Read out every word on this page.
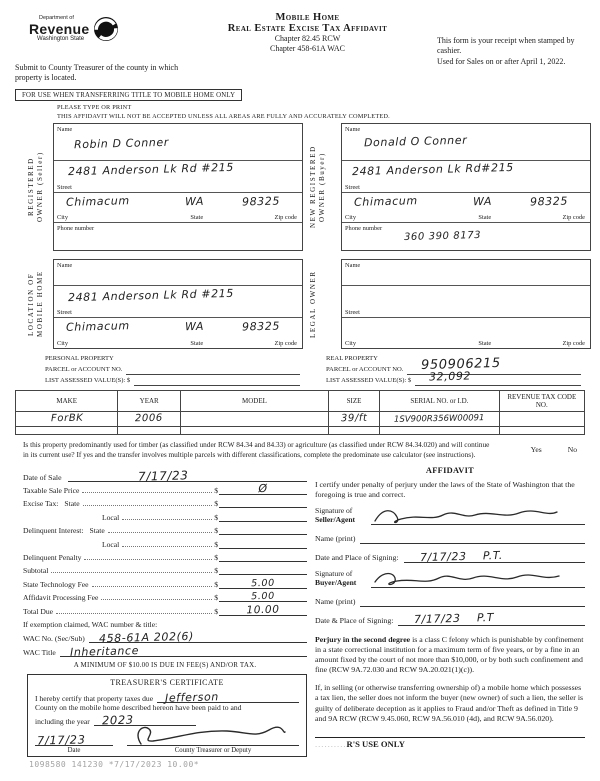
Department of
Revenue
Washington State
Submit to County Treasurer of the county in which property is located.
Mobile Home
Real Estate Excise Tax Affidavit
Chapter 82.45 RCW
Chapter 458-61A WAC
This form is your receipt when stamped by cashier.
Used for Sales on or after April 1, 2022.
FOR USE WHEN TRANSFERRING TITLE TO MOBILE HOME ONLY
PLEASE TYPE OR PRINT
THIS AFFIDAVIT WILL NOT BE ACCEPTED UNLESS ALL AREAS ARE FULLY AND ACCURATELY COMPLETED.
REGISTERED OWNER (Seller)
Name
Robin D Conner
2481 Anderson Lk Rd #215
Street
Chimacum	WA	98325
City	State	Zip code
Phone number
NEW REGISTERED OWNER (Buyer)
Name
Donald O Conner
2481 Anderson Lk Rd#215
Street
Chimacum	WA	98325
City	State	Zip code
Phone number
360 390 8173
LOCATION OF MOBILE HOME
Name
2481 Anderson Lk Rd #215
Street
Chimacum	WA	98325
City	State	Zip code
LEGAL OWNER
Name
Street
City	State	Zip code
PERSONAL PROPERTY
PARCEL or ACCOUNT NO.
LIST ASSESSED VALUE(S): $
REAL PROPERTY
PARCEL or ACCOUNT NO. 950906215
LIST ASSESSED VALUE(S): $ 32,092
MAKE	YEAR	MODEL	SIZE	SERIAL NO. or I.D.	REVENUE TAX CODE NO.
ForBK	2006		39/ft	1SV900R356W00091	

Is this property predominantly used for timber (as classified under RCW 84.34 and 84.33) or agriculture (as classified under RCW 84.34.020) and will continue in its current use? If yes and the transfer involves multiple parcels with different classifications, complete the predominate use calculator (see instructions).	Yes	No
Date of Sale	7/17/23
Taxable Sale Price	$	Ø
Excise Tax: State	$
Local	$
Delinquent Interest: State	$
Local	$
Delinquent Penalty	$
Subtotal	$
State Technology Fee	$	5.00
Affidavit Processing Fee	$	5.00
Total Due	$	10.00
If exemption claimed, WAC number & title:
WAC No. (Sec/Sub) 458-61A 202(6)
WAC Title Inheritance
A MINIMUM OF $10.00 IS DUE IN FEE(S) AND/OR TAX.
TREASURER'S CERTIFICATE
I hereby certify that property taxes due Jefferson
County on the mobile home described hereon have been paid to and
including the year 2023
7/17/23
Date	County Treasurer or Deputy
1098580 141230 *7/17/2023 10.00*
AFFIDAVIT
I certify under penalty of perjury under the laws of the State of Washington that the foregoing is true and correct.
Signature of
Seller/Agent
Name (print)
Date and Place of Signing: 7/17/23    P.T.
Signature of
Buyer/Agent
Name (print)
Date & Place of Signing: 7/17/23    P.T
Perjury in the second degree is a class C felony which is punishable by confinement in a state correctional institution for a maximum term of five years, or by a fine in an amount fixed by the court of not more than $10,000, or by both such confinement and fine (RCW 9A.72.030 and RCW 9A.20.021(1)(c)).
If, in selling (or otherwise transferring ownership of) a mobile home which possesses a tax lien, the seller does not inform the buyer (new owner) of such a lien, the seller is guilty of deliberate deception as it applies to Fraud and/or Theft as defined in Title 9 and 9A RCW (RCW 9.45.060, RCW 9A.56.010 (4d), and RCW 9A.56.020).
..........R'S USE ONLY
